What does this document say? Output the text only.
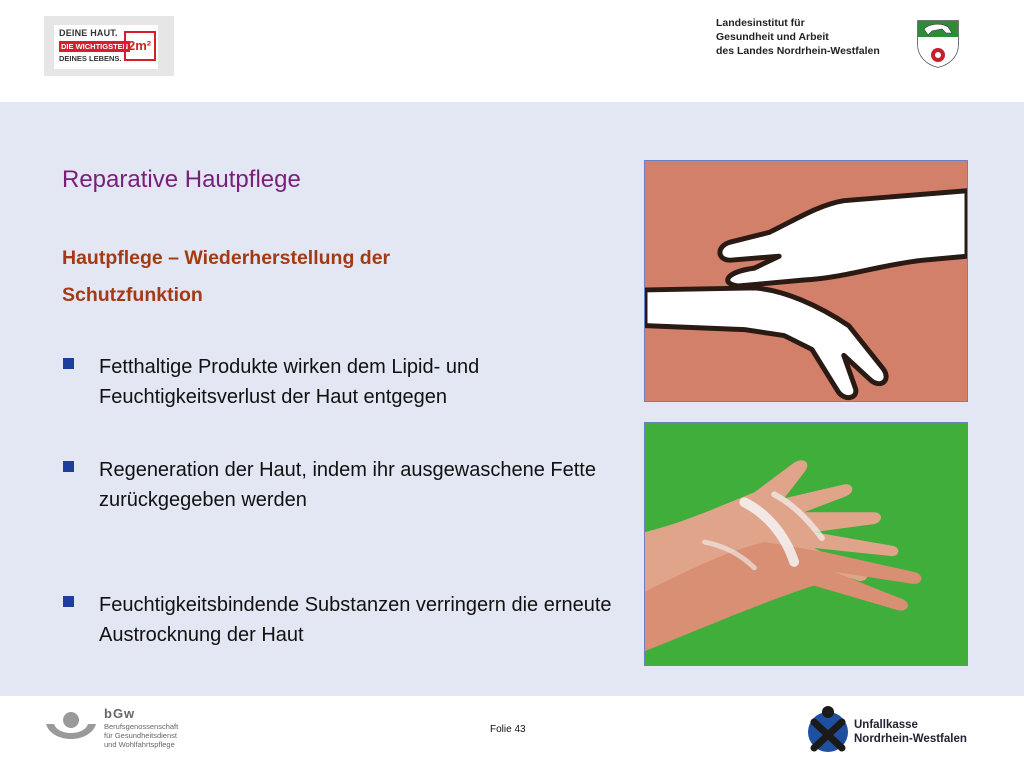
DEINE HAUT.
DIE WICHTIGSTEN
DEINES LEBENS.
2m²
Landesinstitut für
Gesundheit und Arbeit
des Landes Nordrhein-Westfalen
Reparative Hautpflege
Hautpflege – Wiederherstellung der
Schutzfunktion
Fetthaltige Produkte wirken dem Lipid- und Feuchtigkeitsverlust der Haut entgegen
Regeneration der Haut, indem ihr ausgewaschene Fette zurückgegeben werden
Feuchtigkeitsbindende Substanzen verringern die erneute Austrocknung der Haut
bGw
Berufsgenossenschaft
für Gesundheitsdienst
und Wohlfahrtspflege
Folie 43	Unfallkasse
Nordrhein-Westfalen
